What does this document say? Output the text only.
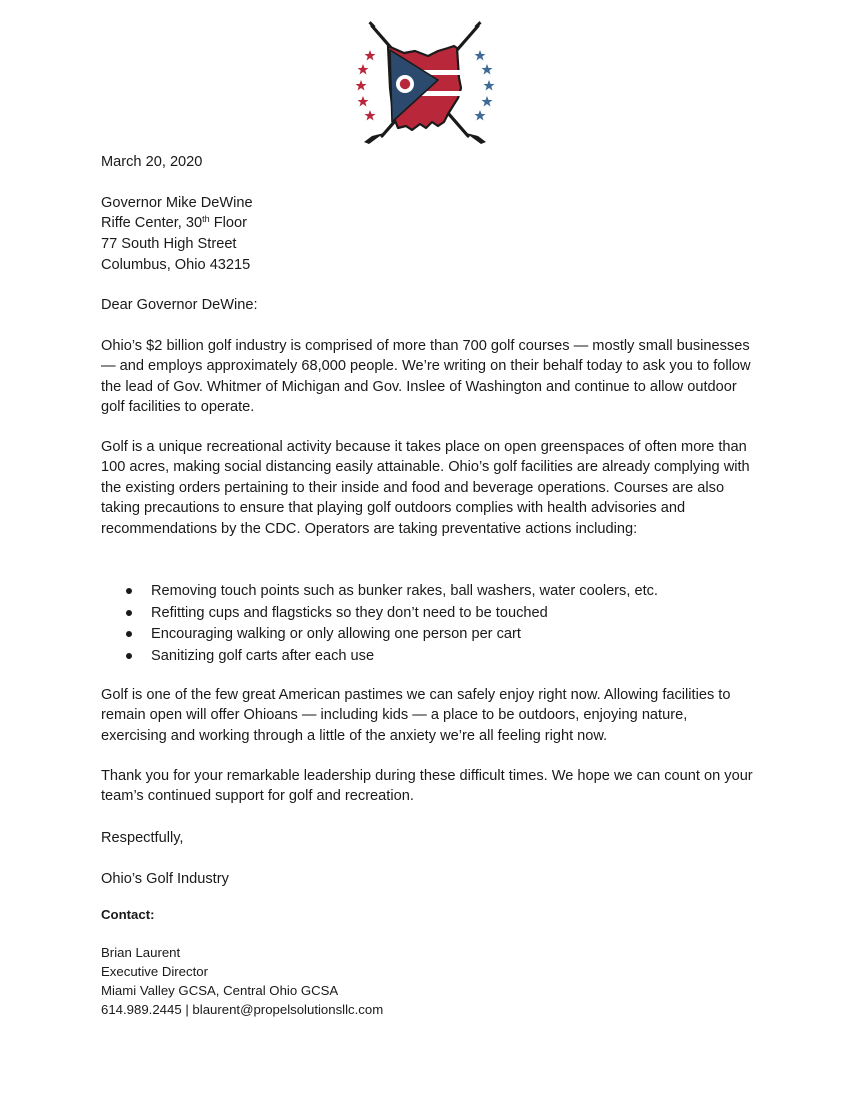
March 20, 2020
Governor Mike DeWine
Riffe Center, 30th Floor
77 South High Street
Columbus, Ohio 43215
Dear Governor DeWine:
Ohio’s $2 billion golf industry is comprised of more than 700 golf courses — mostly small businesses — and employs approximately 68,000 people. We’re writing on their behalf today to ask you to follow the lead of Gov. Whitmer of Michigan and Gov. Inslee of Washington and continue to allow outdoor golf facilities to operate.
Golf is a unique recreational activity because it takes place on open greenspaces of often more than 100 acres, making social distancing easily attainable. Ohio’s golf facilities are already complying with the existing orders pertaining to their inside and food and beverage operations. Courses are also taking precautions to ensure that playing golf outdoors complies with health advisories and recommendations by the CDC. Operators are taking preventative actions including:
Removing touch points such as bunker rakes, ball washers, water coolers, etc.
Refitting cups and flagsticks so they don’t need to be touched
Encouraging walking or only allowing one person per cart
Sanitizing golf carts after each use
Golf is one of the few great American pastimes we can safely enjoy right now. Allowing facilities to remain open will offer Ohioans — including kids — a place to be outdoors, enjoying nature, exercising and working through a little of the anxiety we’re all feeling right now.
Thank you for your remarkable leadership during these difficult times. We hope we can count on your team’s continued support for golf and recreation.
Respectfully,
Ohio’s Golf Industry
Contact:
Brian Laurent
Executive Director
Miami Valley GCSA, Central Ohio GCSA
614.989.2445 | blaurent@propelsolutionsllc.com
